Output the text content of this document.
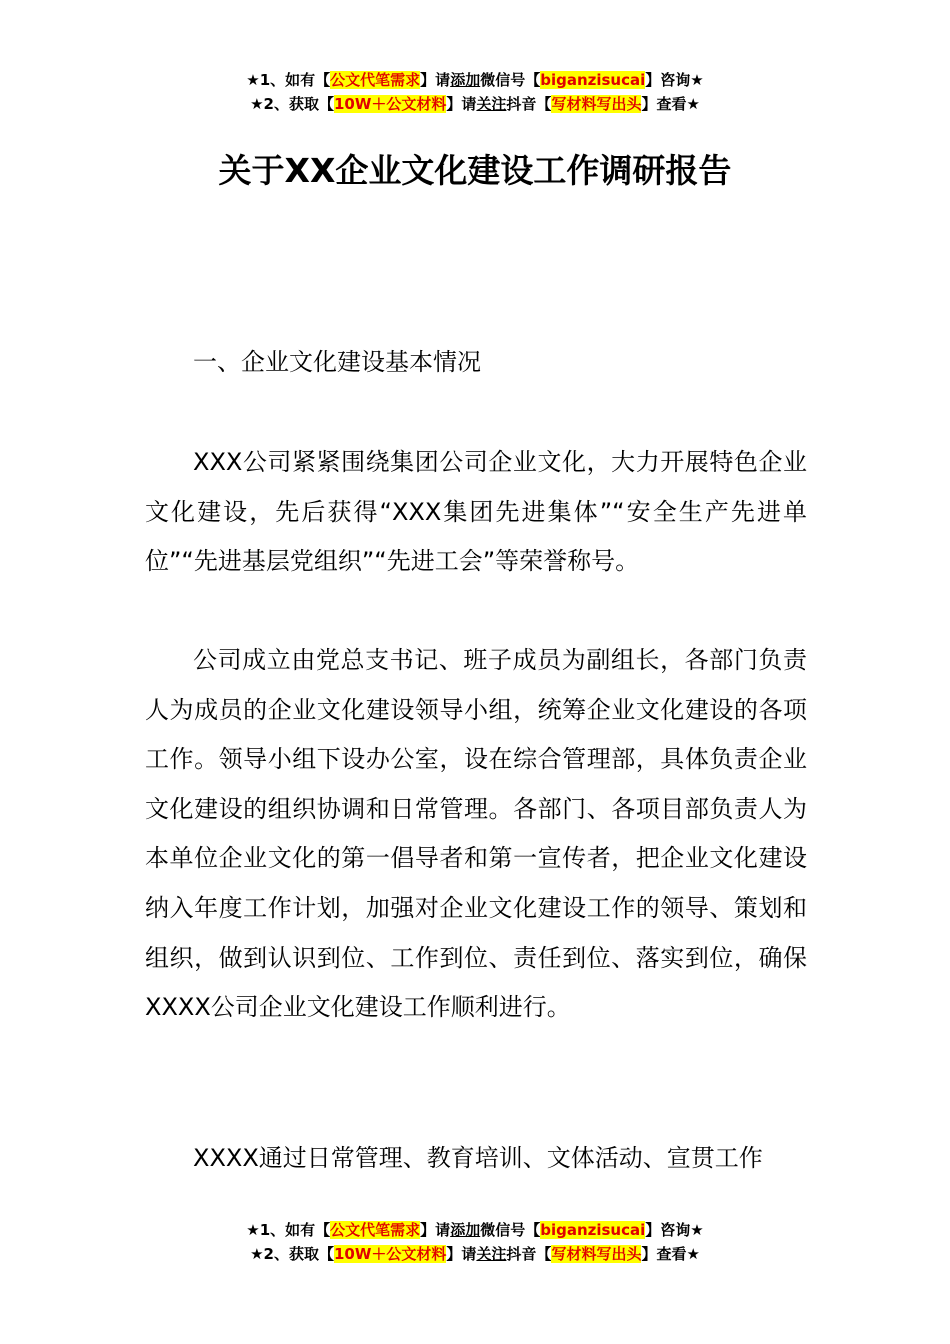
★1、如有【公文代笔需求】请添加微信号【biganzisucai】咨询★
★2、获取【10W＋公文材料】请关注抖音【写材料写出头】查看★
关于XX企业文化建设工作调研报告
一、企业文化建设基本情况

XXX公司紧紧围绕集团公司企业文化，大力开展特色企业文化建设，先后获得“XXX集团先进集体”“安全生产先进单位”“先进基层党组织”“先进工会”等荣誉称号。

公司成立由党总支书记、班子成员为副组长，各部门负责人为成员的企业文化建设领导小组，统筹企业文化建设的各项工作。领导小组下设办公室，设在综合管理部，具体负责企业文化建设的组织协调和日常管理。各部门、各项目部负责人为本单位企业文化的第一倡导者和第一宣传者，把企业文化建设纳入年度工作计划，加强对企业文化建设工作的领导、策划和组织，做到认识到位、工作到位、责任到位、落实到位，确保XXXX公司企业文化建设工作顺利进行。

XXXX通过日常管理、教育培训、文体活动、宣贯工作

★1、如有【公文代笔需求】请添加微信号【biganzisucai】咨询★
★2、获取【10W＋公文材料】请关注抖音【写材料写出头】查看★
